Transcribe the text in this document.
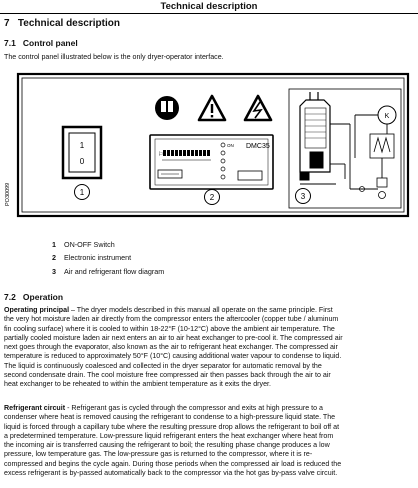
Technical description
7 Technical description
7.1 Control panel
The control panel illustrated below is the only dryer-operator interface.
PO30099
1
0
1
⚐
ON DMC35
2
K
3
1 ON-OFF Switch
2 Electronic instrument
3 Air and refrigerant flow diagram
7.2 Operation
Operating principal – The dryer models described in this manual all operate on the same principle. First
the very hot moisture laden air directly from the compressor enters the aftercooler (copper tube / aluminum
fin cooling surface) where it is cooled to within 18-22°F (10-12°C) above the ambient air temperature. The
partially cooled moisture laden air next enters an air to air heat exchanger to pre-cool it. The compressed air
next goes through the evaporator, also known as the air to refrigerant heat exchanger. The compressed air
temperature is reduced to approximately 50°F (10°C) causing additional water vapour to condense to liquid.
The liquid is continuously coalesced and collected in the dryer separator for automatic removal by the
second condensate drain. The cool moisture free compressed air then passes back through the air to air
heat exchanger to be reheated to within the ambient temperature as it exits the dryer.
Refrigerant circuit - Refrigerant gas is cycled through the compressor and exits at high pressure to a
condenser where heat is removed causing the refrigerant to condense to a high-pressure liquid state. The
liquid is forced through a capillary tube where the resulting pressure drop allows the refrigerant to boil off at
a predetermined temperature. Low-pressure liquid refrigerant enters the heat exchanger where heat from
the incoming air is transferred causing the refrigerant to boil; the resulting phase change produces a low
pressure, low temperature gas. The low-pressure gas is returned to the compressor, where it is re-
compressed and begins the cycle again. During those periods when the compressed air load is reduced the
excess refrigerant is by-passed automatically back to the compressor via the hot gas by-pass valve circuit.
